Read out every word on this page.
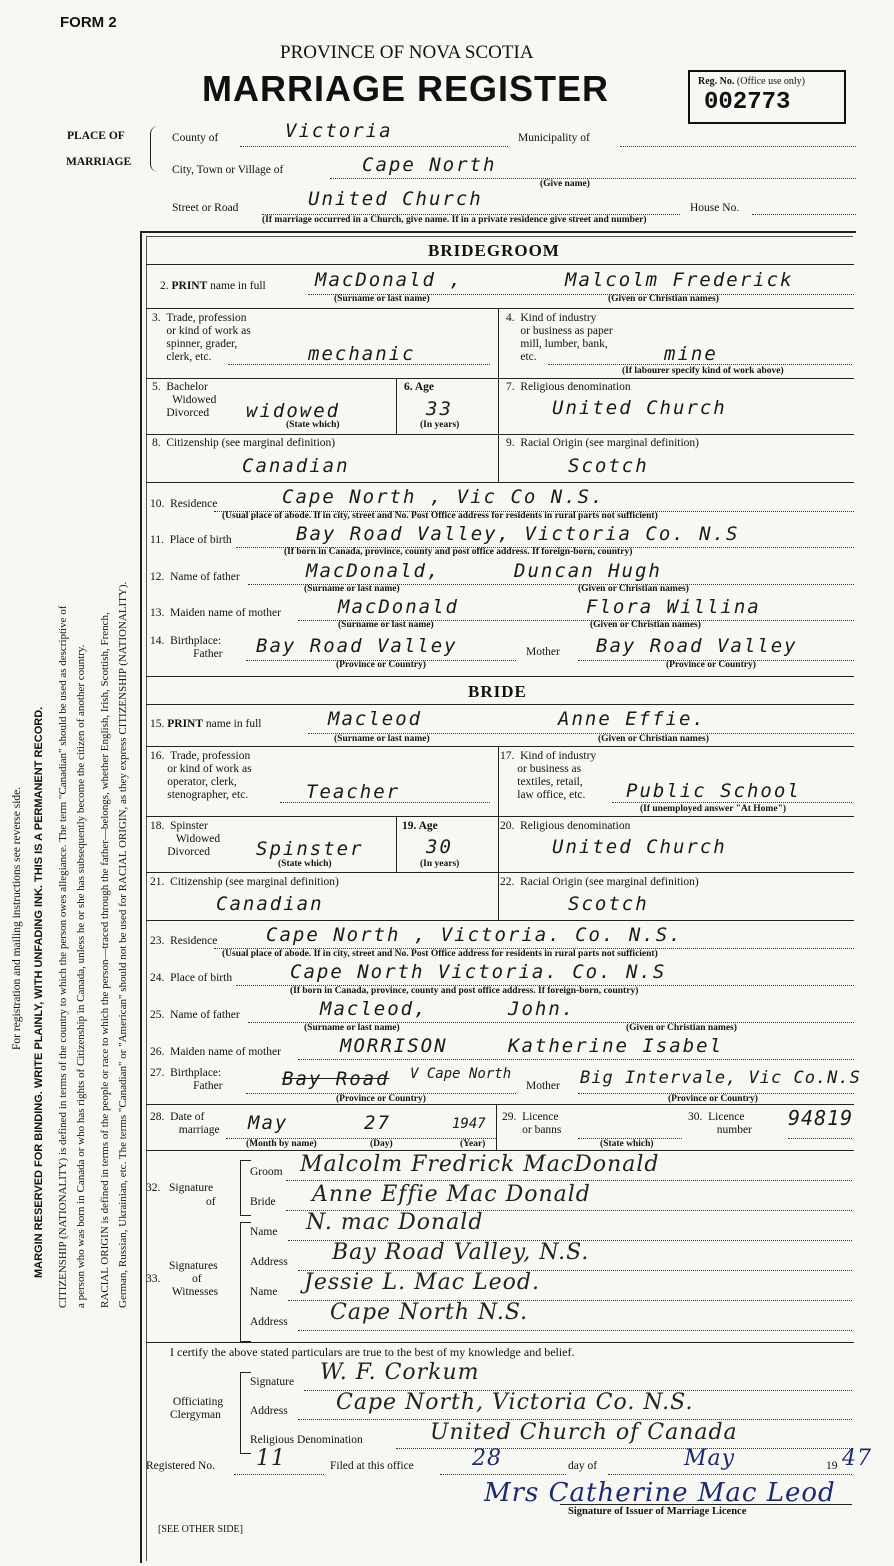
FORM 2
PROVINCE OF NOVA SCOTIA
MARRIAGE REGISTER	Reg. No. (Office use only)
002773
PLACE OF
MARRIAGE
County of	Victoria	Municipality of
City, Town or Village of	Cape North
(Give name)
Street or Road	United Church	House No.
(If marriage occurred in a Church, give name. If in a private residence give street and number)
For registration and mailing instructions see reverse side. MARGIN RESERVED FOR BINDING. WRITE PLAINLY, WITH UNFADING INK. THIS IS A PERMANENT RECORD. CITIZENSHIP (NATIONALITY) is defined in terms of the country to which the person owes allegiance. The term "Canadian" should be used as descriptive of a person who was born in Canada or who has rights of Citizenship in Canada, unless he or she has subsequently become the citizen of another country. RACIAL ORIGIN is defined in terms of the people or race to which the person—traced through the father—belongs, whether English, Irish, Scottish, French, German, Russian, Ukrainian, etc. The terms "Canadian" or "American" should not be used for RACIAL ORIGIN, as they express CITIZENSHIP (NATIONALITY).
BRIDEGROOM
2. PRINT name in full	MacDonald ,	Malcolm Frederick
(Surname or last name)	(Given or Christian names)
3.  Trade, profession
or kind of work as
spinner, grader,
clerk, etc.	mechanic
4.  Kind of industry
or business as paper
mill, lumber, bank,
etc.	mine
(If labourer specify kind of work above)
5.  Bachelor
Widowed
Divorced	widowed
(State which)
6. Age
33
(In years)
7.  Religious denomination
United Church
8.  Citizenship (see marginal definition)
Canadian
9.  Racial Origin (see marginal definition)
Scotch
10.  Residence	Cape North , Vic Co N.S.
(Usual place of abode. If in city, street and No. Post Office address for residents in rural parts not sufficient)
11.  Place of birth	Bay Road Valley, Victoria Co. N.S
(If born in Canada, province, county and post office address. If foreign-born, country)
12.  Name of father	MacDonald,	Duncan Hugh
(Surname or last name)	(Given or Christian names)
13.  Maiden name of mother	MacDonald	Flora Willina
(Surname or last name)	(Given or Christian names)
14.  Birthplace:
Father Bay Road Valley
(Province or Country)
Mother Bay Road Valley
(Province or Country)
BRIDE
15. PRINT name in full	Macleod	Anne Effie.
(Surname or last name)	(Given or Christian names)
16.  Trade, profession
or kind of work as
operator, clerk,
stenographer, etc.	Teacher
17.  Kind of industry
or business as
textiles, retail,
law office, etc.	Public School
(If unemployed answer "At Home")
18.  Spinster
Widowed
Divorced	Spinster
(State which)
19. Age
30
(In years)
20.  Religious denomination
United Church
21.  Citizenship (see marginal definition)
Canadian
22.  Racial Origin (see marginal definition)
Scotch
23.  Residence	Cape North , Victoria. Co. N.S.
(Usual place of abode. If in city, street and No. Post Office address for residents in rural parts not sufficient)
24.  Place of birth	Cape North Victoria. Co. N.S
(If born in Canada, province, county and post office address. If foreign-born, country)
25.  Name of father	Macleod,	John.
(Surname or last name)	(Given or Christian names)
26.  Maiden name of mother	MORRISON	Katherine Isabel
27.  Birthplace:
Father	Bay Road V Cape North
(Province or Country)
Mother Big Intervale, Vic Co.N.S
(Province or Country)
28.  Date of
marriage May	27	1947
(Month by name)	(Day)	(Year)
29.  Licence
or banns
(State which)
30.  Licence
number 94819
32.   Signature
of
Groom Malcolm Fredrick MacDonald
Bride Anne Effie Mac Donald
Signatures
33.           of
Witnesses
Name N. mac Donald
Address Bay Road Valley, N.S.
Name Jessie L. Mac Leod.
Address Cape North N.S.
I certify the above stated particulars are true to the best of my knowledge and belief.
Officiating
Clergyman
Signature W. F. Corkum
Address Cape North, Victoria Co. N.S.
Religious Denomination	United Church of Canada
Registered No. 11	Filed at this office	28	day of	May	19 47
Mrs Catherine Mac Leod
Signature of Issuer of Marriage Licence
[SEE OTHER SIDE]
